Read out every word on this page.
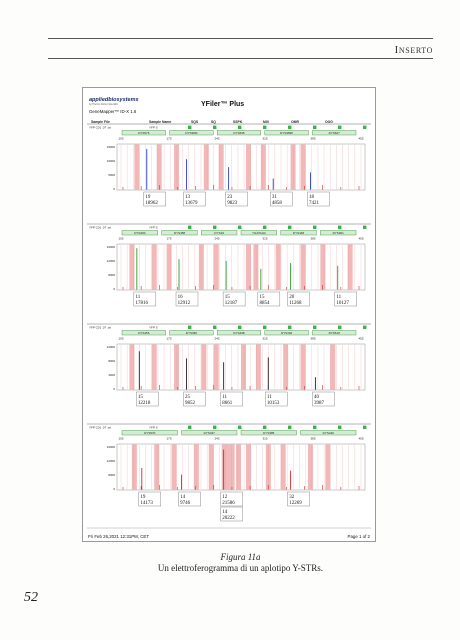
Inserto
appliedbiosystems
by Thermo Fisher Scientific
GeneMapper™ ID-X 1.6
YFiler™ Plus
Sample File	Sample Name	SQS	SQ	SSPK	MIX	OMR	OOG
YFP C01 .07 .txt	YFP S
DYS576	DYS389I	DYS635	DYS389II	DYS627
105	175	245	315	385	455
15000
10000
5000
0
19
18962
13
13679
23
9823
31
4858
18
7421
YFP C01 .07 .txt	YFP S
DYS460	DYS458	DYS19	YGATAH4	DYS448	DYS391
105	175	245	315	385	455
16000
12000
8000
0
11
17816
16
12912
15
12187
15
8854
20
11268
11
10127
YFP C01 .07 .txt	YFP S
DYS456	DYS390	DYS438	DYS392	DYS518
105	175	245	315	385	455
12000
8000
4000
0
15
12218
25
9852
11
8661
11
10153
40
3987
YFP C01 .07 .txt	YFP S
DYS570	DYS437	DYS385	DYS449
105	175	245	315	385	455
16000
12000
8000
0
19
14173
14
9746
12
21586
32
12269
14
20222
Fri Feb 26,2021 12:31PM, CET	Page 1 of 2
Figura 11a
Un elettroferogramma di un aplotipo Y-STRs.
52
